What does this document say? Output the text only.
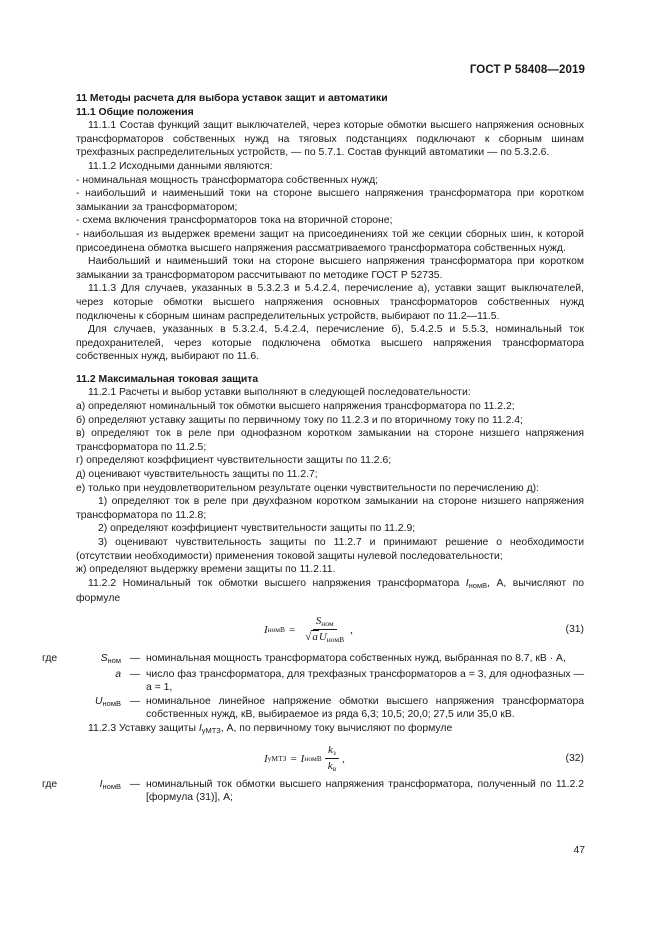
ГОСТ Р 58408—2019

11 Методы расчета для выбора уставок защит и автоматики

11.1 Общие положения

11.1.1 Состав функций защит выключателей, через которые обмотки высшего напряжения основных трансформаторов собственных нужд на тяговых подстанциях подключают к сборным шинам трехфазных распределительных устройств, — по 5.7.1. Состав функций автоматики — по 5.3.2.6.

11.1.2 Исходными данными являются:

- номинальная мощность трансформатора собственных нужд;

- наибольший и наименьший токи на стороне высшего напряжения трансформатора при коротком замыкании за трансформатором;

- схема включения трансформаторов тока на вторичной стороне;

- наибольшая из выдержек времени защит на присоединениях той же секции сборных шин, к которой присоединена обмотка высшего напряжения рассматриваемого трансформатора собственных нужд.

Наибольший и наименьший токи на стороне высшего напряжения трансформатора при коротком замыкании за трансформатором рассчитывают по методике ГОСТ Р 52735.

11.1.3 Для случаев, указанных в 5.3.2.3 и 5.4.2.4, перечисление а), уставки защит выключателей, через которые обмотки высшего напряжения основных трансформаторов собственных нужд подключены к сборным шинам распределительных устройств, выбирают по 11.2—11.5.

Для случаев, указанных в 5.3.2.4, 5.4.2.4, перечисление б), 5.4.2.5 и 5.5.3, номинальный ток предохранителей, через которые подключена обмотка высшего напряжения трансформатора собственных нужд, выбирают по 11.6.

11.2 Максимальная токовая защита

11.2.1 Расчеты и выбор уставки выполняют в следующей последовательности:

а) определяют номинальный ток обмотки высшего напряжения трансформатора по 11.2.2;

б) определяют уставку защиты по первичному току по 11.2.3 и по вторичному току по 11.2.4;

в) определяют ток в реле при однофазном коротком замыкании на стороне низшего напряжения трансформатора по 11.2.5;

г) определяют коэффициент чувствительности защиты по 11.2.6;

д) оценивают чувствительность защиты по 11.2.7;

е) только при неудовлетворительном результате оценки чувствительности по перечислению д):

1) определяют ток в реле при двухфазном коротком замыкании на стороне низшего напряжения трансформатора по 11.2.8;

2) определяют коэффициент чувствительности защиты по 11.2.9;

3) оценивают чувствительность защиты по 11.2.7 и принимают решение о необходимости (отсутствии необходимости) применения токовой защиты нулевой последовательности;

ж) определяют выдержку времени защиты по 11.2.11.

11.2.2 Номинальный ток обмотки высшего напряжения трансформатора $I_{номВ}$, А, вычисляют по формуле

I номВ = $\frac{S_{ном}}{√aU_{номВ}}$ ,	(31)
где	$S_{ном}$ — номинальная мощность трансформатора собственных нужд, выбранная по 8.7, кВ · А,
a — число фаз трансформатора, для трехфазных трансформаторов а = 3, для однофазных — а = 1,
$U_{номВ}$ — номинальное линейное напряжение обмотки высшего напряжения трансформатора собственных нужд, кВ, выбираемое из ряда 6,3; 10,5; 20,0; 27,5 или 35,0 кВ.

11.2.3 Уставку защиты $I_{уМТЗ}$, А, по первичному току вычисляют по формуле

I уМТЗ = I номВ $\frac{k_з}{k_в}$ ,	(32)
где	$I_{номВ}$ — номинальный ток обмотки высшего напряжения трансформатора, полученный по 11.2.2 [формула (31)], А;
47
